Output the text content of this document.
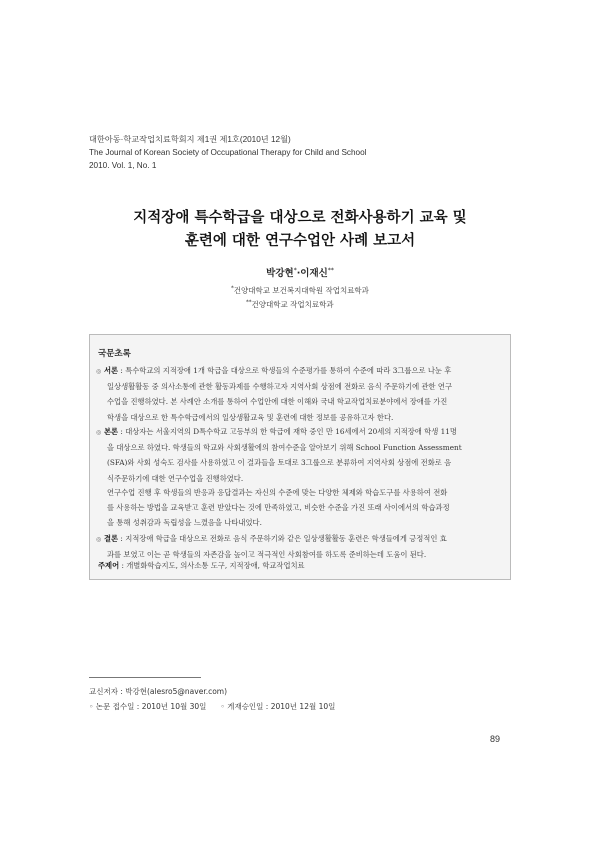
대한아동·학교작업치료학회지 제1권 제1호(2010년 12월)
The Journal of Korean Society of Occupational Therapy for Child and School
2010. Vol. 1, No. 1
지적장애 특수학급을 대상으로 전화사용하기 교육 및
훈련에 대한 연구수업안 사례 보고서
박강현*·이재신**
*건양대학교 보건복지대학원 작업치료학과
**건양대학교 작업치료학과
국문초록
◎ 서론 : 특수학교의 지적장애 1개 학급을 대상으로 학생들의 수준평가를 통하여 수준에 따라 3그룹으로 나눈 후
일상생활활동 중 의사소통에 관한 활동과제를 수행하고자 지역사회 상점에 전화로 음식 주문하기에 관한 연구
수업을 진행하였다. 본 사례안 소개를 통하여 수업안에 대한 이해와 국내 학교작업치료분야에서 장애를 가진
학생을 대상으로 한 특수학급에서의 일상생활교육 및 훈련에 대한 정보를 공유하고자 한다.
◎ 본론 : 대상자는 서울지역의 D특수학교 고등부의 한 학급에 재학 중인 만 16세에서 20세의 지적장애 학생 11명
을 대상으로 하였다. 학생들의 학교와 사회생활에의 참여수준을 알아보기 위해 School Function Assessment
(SFA)와 사회 성숙도 검사를 사용하였고 이 결과들을 토대로 3그룹으로 분류하여 지역사회 상점에 전화로 음
식주문하기에 대한 연구수업을 진행하였다.
연구수업 진행 후 학생들의 반응과 응답결과는 자신의 수준에 맞는 다양한 체제와 학습도구를 사용하여 전화
를 사용하는 방법을 교육받고 훈련 받았다는 것에 만족하였고, 비슷한 수준을 가진 또래 사이에서의 학습과정
을 통해 성취감과 독립성을 느꼈음을 나타내었다.
◎ 결론 : 지적장애 학급을 대상으로 전화로 음식 주문하기와 같은 일상생활활동 훈련은 학생들에게 긍정적인 효
과를 보였고 이는 곧 학생들의 자존감을 높이고 적극적인 사회참여를 하도록 준비하는데 도움이 된다.
주제어 : 개별화학습지도, 의사소통 도구, 지적장애, 학교작업치료
교신저자 : 박강현(alesro5@naver.com)
◦ 논문 접수일 : 2010년 10월 30일 ◦ 게재승인일 : 2010년 12월 10일
89
